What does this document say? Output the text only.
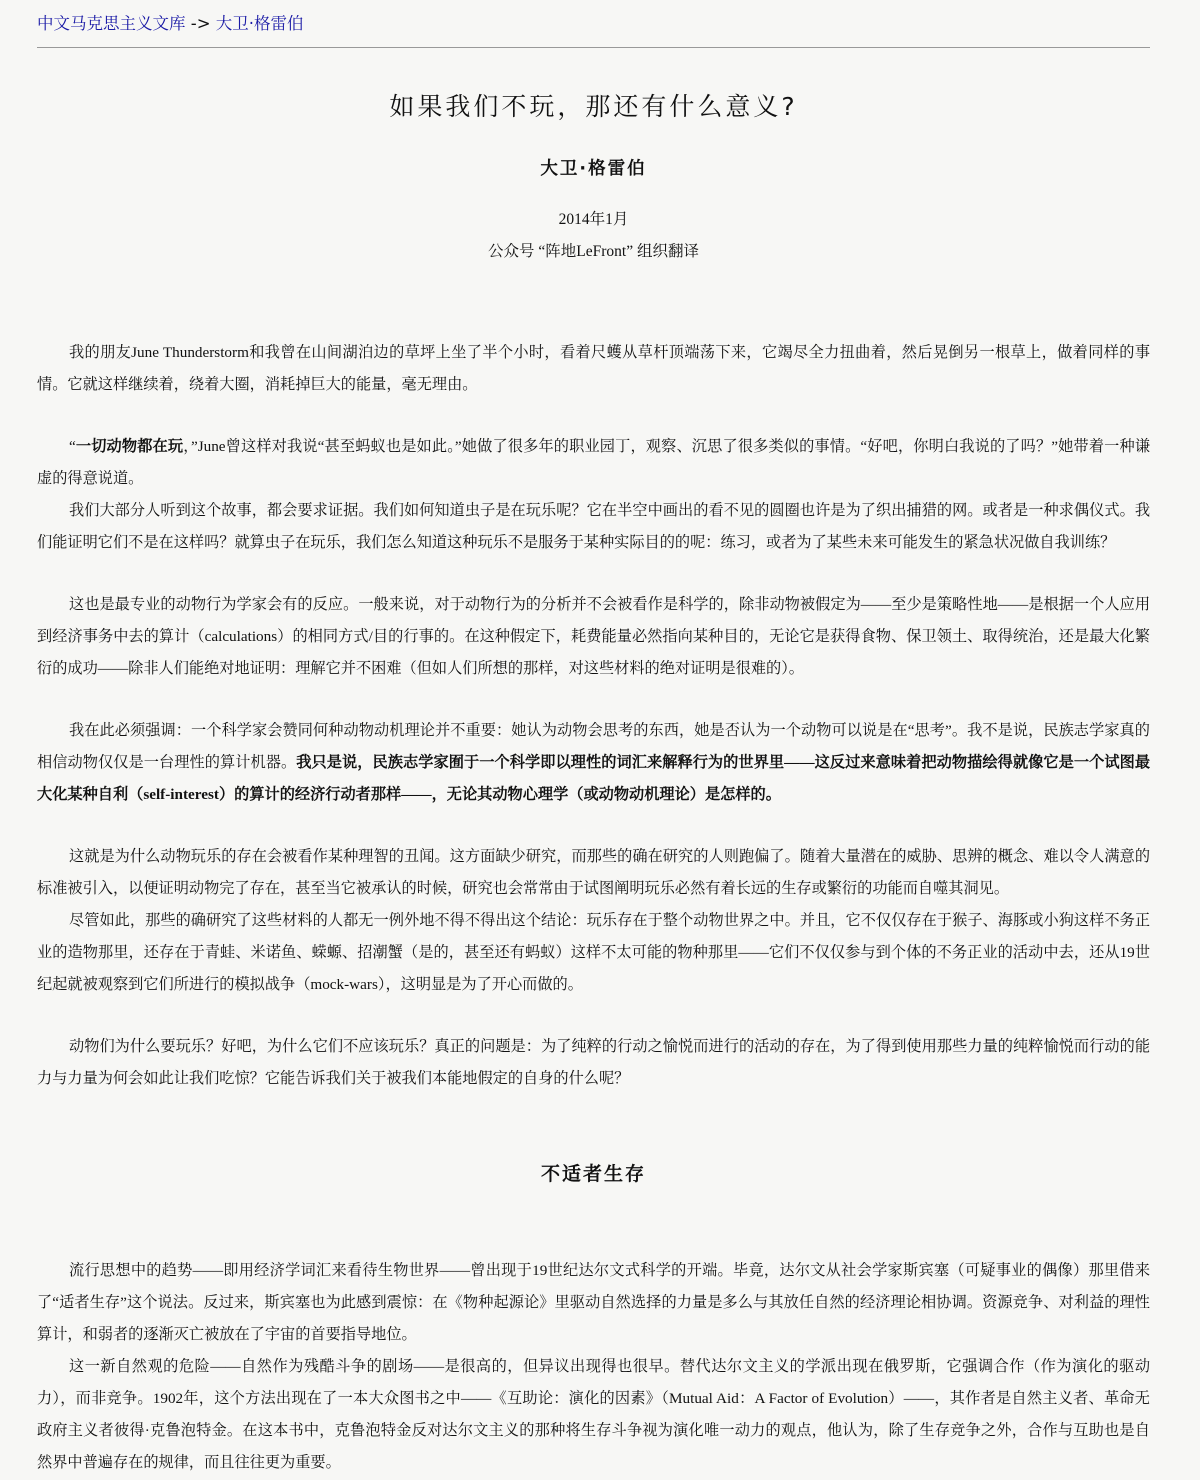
中文马克思主义文库 -> 大卫·格雷伯
如果我们不玩，那还有什么意义?
大卫·格雷伯
2014年1月
公众号 “阵地LeFront” 组织翻译

我的朋友June Thunderstorm和我曾在山间湖泊边的草坪上坐了半个小时，看着尺蠖从草杆顶端荡下来，它竭尽全力扭曲着，然后晃倒另一根草上，做着同样的事情。它就这样继续着，绕着大圈，消耗掉巨大的能量，毫无理由。

“一切动物都在玩，”June曾这样对我说“甚至蚂蚁也是如此。”她做了很多年的职业园丁，观察、沉思了很多类似的事情。“好吧，你明白我说的了吗？”她带着一种谦虚的得意说道。

我们大部分人听到这个故事，都会要求证据。我们如何知道虫子是在玩乐呢？它在半空中画出的看不见的圆圈也许是为了织出捕猎的网。或者是一种求偶仪式。我们能证明它们不是在这样吗？就算虫子在玩乐，我们怎么知道这种玩乐不是服务于某种实际目的的呢：练习，或者为了某些未来可能发生的紧急状况做自我训练？

这也是最专业的动物行为学家会有的反应。一般来说，对于动物行为的分析并不会被看作是科学的，除非动物被假定为——至少是策略性地——是根据一个人应用到经济事务中去的算计（calculations）的相同方式/目的行事的。在这种假定下，耗费能量必然指向某种目的，无论它是获得食物、保卫领土、取得统治，还是最大化繁衍的成功——除非人们能绝对地证明：理解它并不困难（但如人们所想的那样，对这些材料的绝对证明是很难的）。

我在此必须强调：一个科学家会赞同何种动物动机理论并不重要：她认为动物会思考的东西，她是否认为一个动物可以说是在“思考”。我不是说，民族志学家真的相信动物仅仅是一台理性的算计机器。我只是说，民族志学家囿于一个科学即以理性的词汇来解释行为的世界里——这反过来意味着把动物描绘得就像它是一个试图最大化某种自利（self-interest）的算计的经济行动者那样——，无论其动物心理学（或动物动机理论）是怎样的。

这就是为什么动物玩乐的存在会被看作某种理智的丑闻。这方面缺少研究，而那些的确在研究的人则跑偏了。随着大量潜在的威胁、思辨的概念、难以令人满意的标准被引入，以便证明动物完了存在，甚至当它被承认的时候，研究也会常常由于试图阐明玩乐必然有着长远的生存或繁衍的功能而自噬其洞见。

尽管如此，那些的确研究了这些材料的人都无一例外地不得不得出这个结论：玩乐存在于整个动物世界之中。并且，它不仅仅存在于猴子、海豚或小狗这样不务正业的造物那里，还存在于青蛙、米诺鱼、蝾螈、招潮蟹（是的，甚至还有蚂蚁）这样不太可能的物种那里——它们不仅仅参与到个体的不务正业的活动中去，还从19世纪起就被观察到它们所进行的模拟战争（mock-wars），这明显是为了开心而做的。

动物们为什么要玩乐？好吧，为什么它们不应该玩乐？真正的问题是：为了纯粹的行动之愉悦而进行的活动的存在，为了得到使用那些力量的纯粹愉悦而行动的能力与力量为何会如此让我们吃惊？它能告诉我们关于被我们本能地假定的自身的什么呢？

不适者生存

流行思想中的趋势——即用经济学词汇来看待生物世界——曾出现于19世纪达尔文式科学的开端。毕竟，达尔文从社会学家斯宾塞（可疑事业的偶像）那里借来了“适者生存”这个说法。反过来，斯宾塞也为此感到震惊：在《物种起源论》里驱动自然选择的力量是多么与其放任自然的经济理论相协调。资源竞争、对利益的理性算计，和弱者的逐渐灭亡被放在了宇宙的首要指导地位。

这一新自然观的危险——自然作为残酷斗争的剧场——是很高的，但异议出现得也很早。替代达尔文主义的学派出现在俄罗斯，它强调合作（作为演化的驱动力），而非竞争。1902年，这个方法出现在了一本大众图书之中——《互助论：演化的因素》（Mutual Aid：A Factor of Evolution）——，其作者是自然主义者、革命无政府主义者彼得·克鲁泡特金。在这本书中，克鲁泡特金反对达尔文主义的那种将生存斗争视为演化唯一动力的观点，他认为，除了生存竞争之外，合作与互助也是自然界中普遍存在的规律，而且往往更为重要。
